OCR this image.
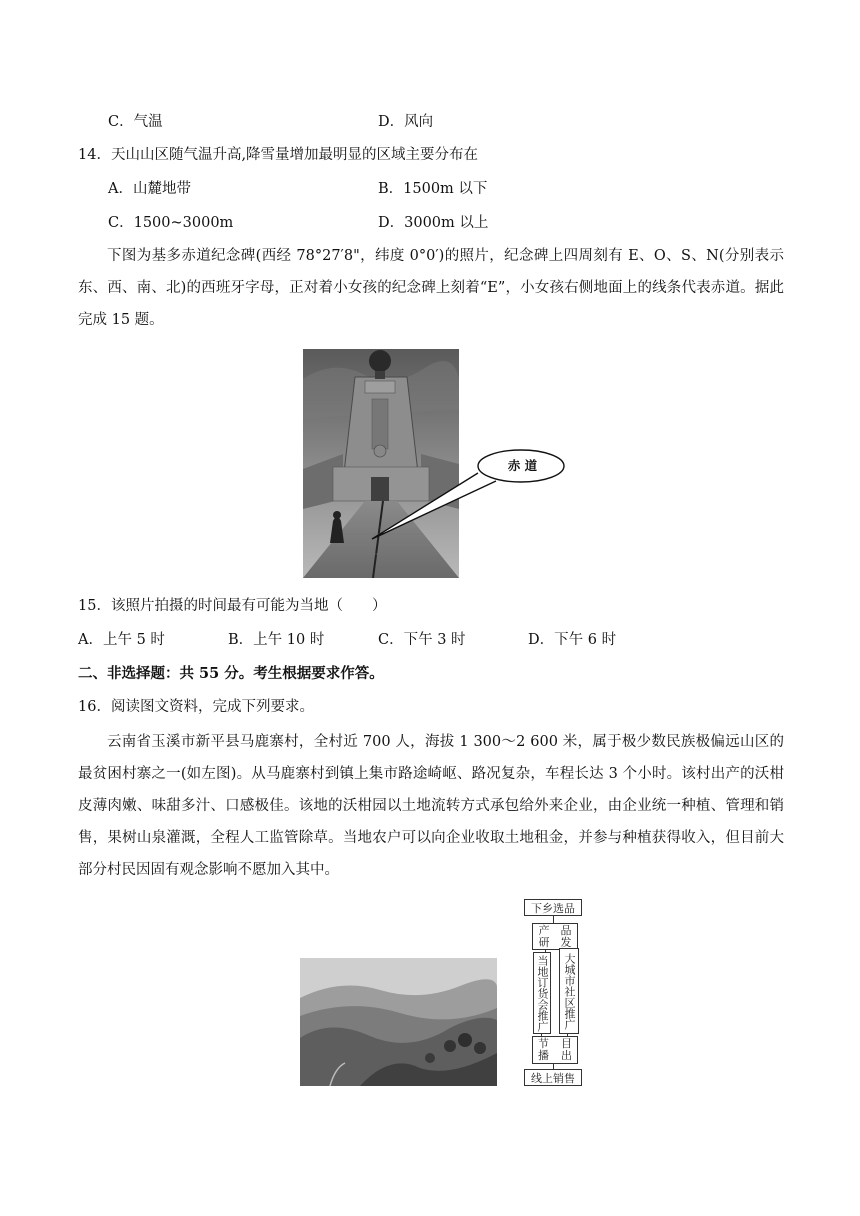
C．气温	D．风向
14．天山山区随气温升高,降雪量增加最明显的区域主要分布在
A．山麓地带	B．1500m 以下
C．1500~3000m	D．3000m 以上
下图为基多赤道纪念碑(西经 78°27′8"，纬度 0°0′)的照片，纪念碑上四周刻有 E、O、S、N(分别表示东、西、南、北)的西班牙字母，正对着小女孩的纪念碑上刻着“E”，小女孩右侧地面上的线条代表赤道。据此完成 15 题。
赤 道
15．该照片拍摄的时间最有可能为当地（　　）
A．上午 5 时	B．上午 10 时	C．下午 3 时	D．下午 6 时
二、非选择题：共 55 分。考生根据要求作答。
16．阅读图文资料，完成下列要求。
云南省玉溪市新平县马鹿寨村，全村近 700 人，海拔 1 300～2 600 米，属于极少数民族极偏远山区的最贫困村寨之一(如左图)。从马鹿寨村到镇上集市路途崎岖、路况复杂，车程长达 3 个小时。该村出产的沃柑皮薄肉嫩、味甜多汁、口感极佳。该地的沃柑园以土地流转方式承包给外来企业，由企业统一种植、管理和销售，果树山泉灌溉，全程人工监管除草。当地农户可以向企业收取土地租金，并参与种植获得收入，但目前大部分村民因固有观念影响不愿加入其中。
下乡选品
产　品
研　发
当地订货会推广	大城市社区推广
节
播
目
出
线上销售
